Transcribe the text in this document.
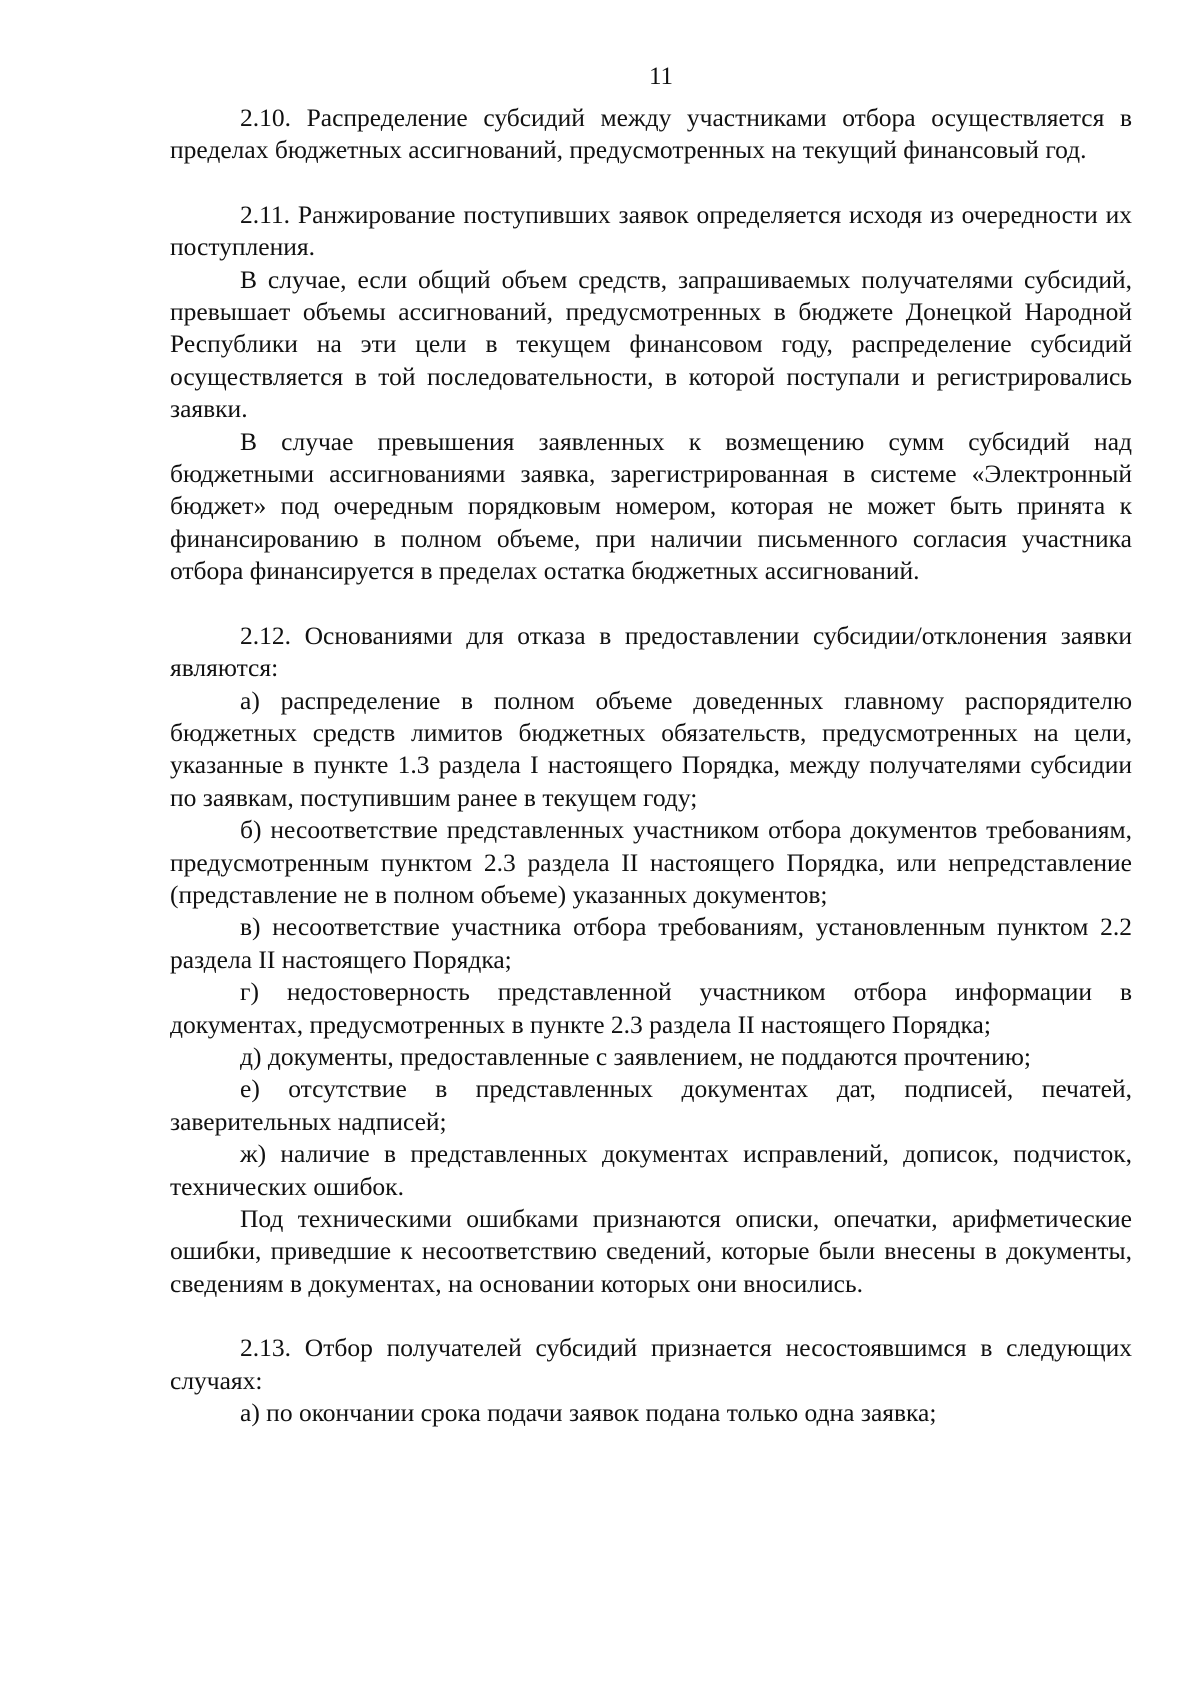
11

2.10. Распределение субсидий между участниками отбора осуществляется в пределах бюджетных ассигнований, предусмотренных на текущий финансовый год.

2.11. Ранжирование поступивших заявок определяется исходя из очередности их поступления.

В случае, если общий объем средств, запрашиваемых получателями субсидий, превышает объемы ассигнований, предусмотренных в бюджете Донецкой Народной Республики на эти цели в текущем финансовом году, распределение субсидий осуществляется в той последовательности, в которой поступали и регистрировались заявки.

В случае превышения заявленных к возмещению сумм субсидий над бюджетными ассигнованиями заявка, зарегистрированная в системе «Электронный бюджет» под очередным порядковым номером, которая не может быть принята к финансированию в полном объеме, при наличии письменного согласия участника отбора финансируется в пределах остатка бюджетных ассигнований.

2.12. Основаниями для отказа в предоставлении субсидии/отклонения заявки являются:

а) распределение в полном объеме доведенных главному распорядителю бюджетных средств лимитов бюджетных обязательств, предусмотренных на цели, указанные в пункте 1.3 раздела I настоящего Порядка, между получателями субсидии по заявкам, поступившим ранее в текущем году;

б) несоответствие представленных участником отбора документов требованиям, предусмотренным пунктом 2.3 раздела II настоящего Порядка, или непредставление (представление не в полном объеме) указанных документов;

в) несоответствие участника отбора требованиям, установленным пунктом 2.2 раздела II настоящего Порядка;

г) недостоверность представленной участником отбора информации в документах, предусмотренных в пункте 2.3 раздела II настоящего Порядка;

д) документы, предоставленные с заявлением, не поддаются прочтению;

е) отсутствие в представленных документах дат, подписей, печатей, заверительных надписей;

ж) наличие в представленных документах исправлений, дописок, подчисток, технических ошибок.

Под техническими ошибками признаются описки, опечатки, арифметические ошибки, приведшие к несоответствию сведений, которые были внесены в документы, сведениям в документах, на основании которых они вносились.

2.13. Отбор получателей субсидий признается несостоявшимся в следующих случаях:

а) по окончании срока подачи заявок подана только одна заявка;
